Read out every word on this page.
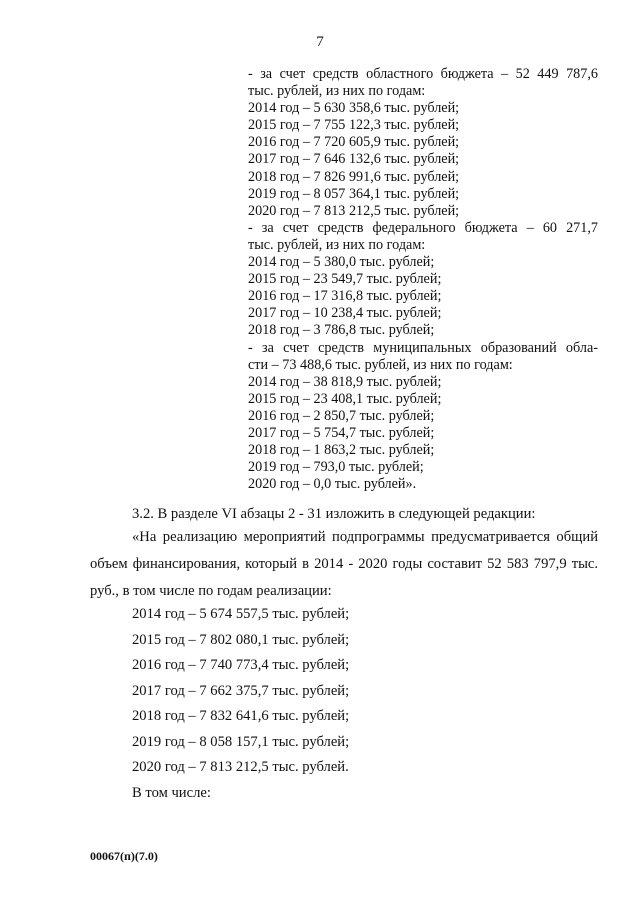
7
- за счет средств областного бюджета – 52 449 787,6
тыс. рублей, из них по годам:
2014 год – 5 630 358,6 тыс. рублей;
2015 год – 7 755 122,3 тыс. рублей;
2016 год – 7 720 605,9 тыс. рублей;
2017 год – 7 646 132,6 тыс. рублей;
2018 год – 7 826 991,6 тыс. рублей;
2019 год – 8 057 364,1 тыс. рублей;
2020 год – 7 813 212,5 тыс. рублей;
- за счет средств федерального бюджета – 60 271,7
тыс. рублей, из них по годам:
2014 год – 5 380,0 тыс. рублей;
2015 год – 23 549,7 тыс. рублей;
2016 год – 17 316,8 тыс. рублей;
2017 год – 10 238,4 тыс. рублей;
2018 год – 3 786,8 тыс. рублей;
- за счет средств муниципальных образований обла-
сти – 73 488,6 тыс. рублей, из них по годам:
2014 год – 38 818,9 тыс. рублей;
2015 год – 23 408,1 тыс. рублей;
2016 год – 2 850,7 тыс. рублей;
2017 год – 5 754,7 тыс. рублей;
2018 год – 1 863,2 тыс. рублей;
2019 год – 793,0 тыс. рублей;
2020 год – 0,0 тыс. рублей».
3.2. В разделе VI абзацы 2 - 31 изложить в следующей редакции:
«На реализацию мероприятий подпрограммы предусматривается общий
объем финансирования, который в 2014 - 2020 годы составит 52 583 797,9 тыс. руб., в том числе по годам реализации:
2014 год – 5 674 557,5 тыс. рублей;
2015 год – 7 802 080,1 тыс. рублей;
2016 год – 7 740 773,4 тыс. рублей;
2017 год – 7 662 375,7 тыс. рублей;
2018 год – 7 832 641,6 тыс. рублей;
2019 год – 8 058 157,1 тыс. рублей;
2020 год – 7 813 212,5 тыс. рублей.
В том числе:
00067(п)(7.0)
